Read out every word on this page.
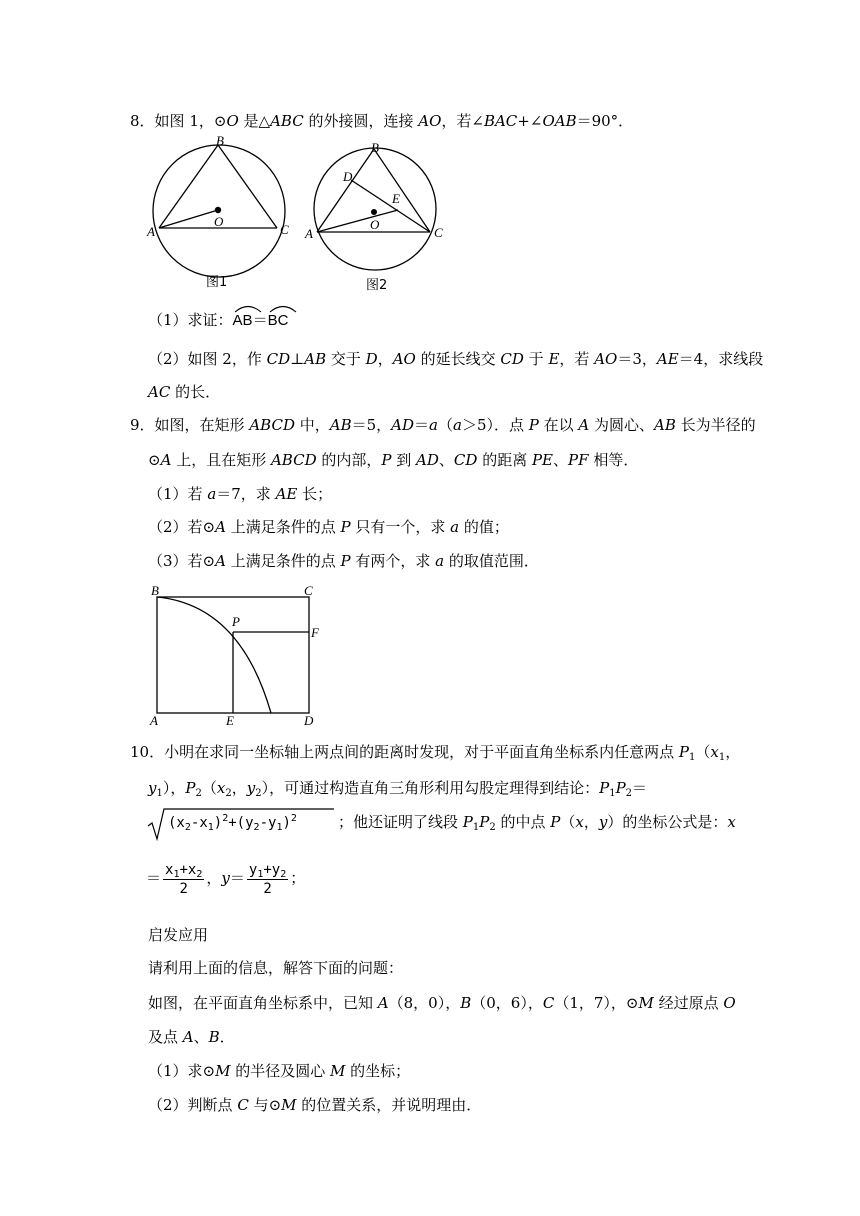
8．如图 1，⊙O 是△ABC 的外接圆，连接 AO，若∠BAC+∠OAB＝90°．
B
A
O
C
图1
B
D
E
O
A	C
图2
（1）求证：
AB＝
BC
（2）如图 2，作 CD⊥AB 交于 D，AO 的延长线交 CD 于 E，若 AO＝3，AE＝4，求线段
AC 的长．
9．如图，在矩形 ABCD 中，AB＝5，AD＝a（a＞5）．点 P 在以 A 为圆心、AB 长为半径的
⊙A 上，且在矩形 ABCD 的内部，P 到 AD、CD 的距离 PE、PF 相等．
（1）若 a＝7，求 AE 长；
（2）若⊙A 上满足条件的点 P 只有一个，求 a 的值；
（3）若⊙A 上满足条件的点 P 有两个，求 a 的取值范围．
B	C
P
F
A	E	D
10．小明在求同一坐标轴上两点间的距离时发现，对于平面直角坐标系内任意两点 $P_1(x_1$，
$y_1$），$P_2(x_2$，$y_2$），可通过构造直角三角形利用勾股定理得到结论：$P_1P_2=$
$(x_2-x_1)^2+(y_2-y_1)^2$	；他还证明了线段 $P_1P_2$ 的中点 P（x，y）的坐标公式是：x
＝ $\frac{x_1+x_2}{2}$ ，$y= \frac{y_1+y_2}{2}$ ；
启发应用
请利用上面的信息，解答下面的问题：
如图，在平面直角坐标系中，已知 A（8，0），B（0，6），C（1，7），⊙M 经过原点 O
及点 A、B．
（1）求⊙M 的半径及圆心 M 的坐标；
（2）判断点 C 与⊙M 的位置关系，并说明理由．
